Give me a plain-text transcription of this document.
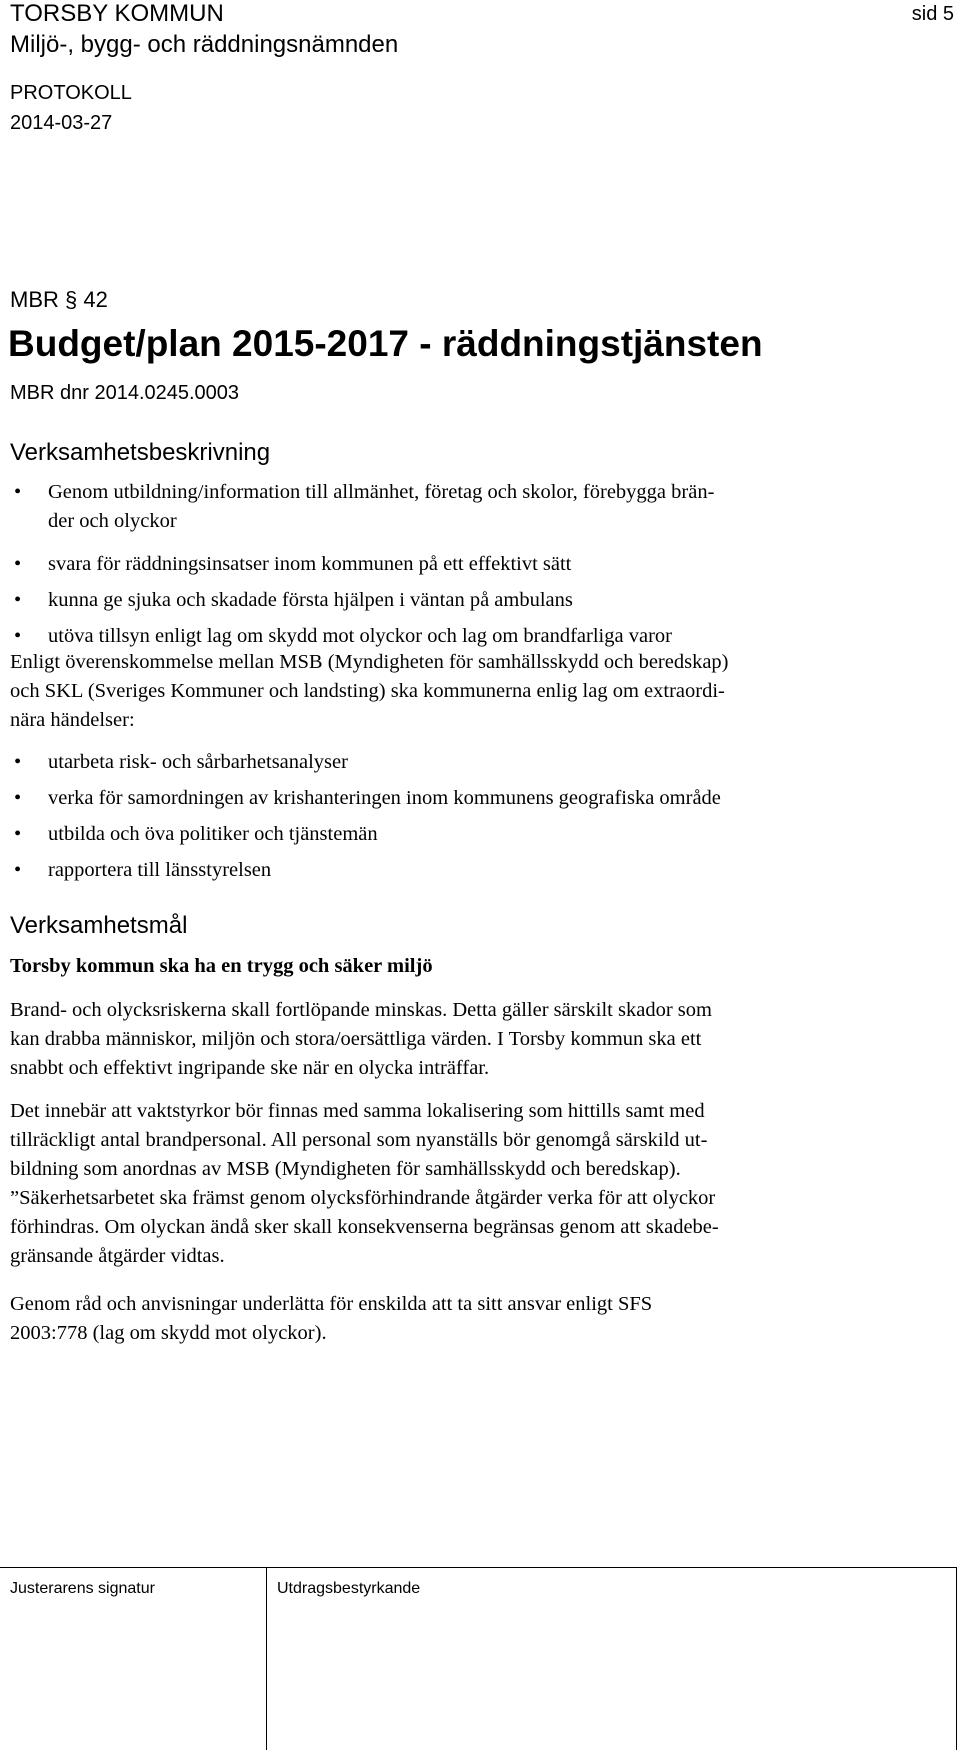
TORSBY KOMMUN	sid 5
Miljö-, bygg- och räddningsnämnden
PROTOKOLL
2014-03-27
MBR § 42
Budget/plan 2015-2017 - räddningstjänsten
MBR dnr 2014.0245.0003
Verksamhetsbeskrivning
• Genom utbildning/information till allmänhet, företag och skolor, förebygga brän-
der och olyckor
• svara för räddningsinsatser inom kommunen på ett effektivt sätt
• kunna ge sjuka och skadade första hjälpen i väntan på ambulans
• utöva tillsyn enligt lag om skydd mot olyckor och lag om brandfarliga varor
Enligt överenskommelse mellan MSB (Myndigheten för samhällsskydd och beredskap)
och SKL (Sveriges Kommuner och landsting) ska kommunerna enlig lag om extraordi-
nära händelser:
• utarbeta risk- och sårbarhetsanalyser
• verka för samordningen av krishanteringen inom kommunens geografiska område
• utbilda och öva politiker och tjänstemän
• rapportera till länsstyrelsen
Verksamhetsmål
Torsby kommun ska ha en trygg och säker miljö
Brand- och olycksriskerna skall fortlöpande minskas. Detta gäller särskilt skador som
kan drabba människor, miljön och stora/oersättliga värden. I Torsby kommun ska ett
snabbt och effektivt ingripande ske när en olycka inträffar.
Det innebär att vaktstyrkor bör finnas med samma lokalisering som hittills samt med
tillräckligt antal brandpersonal. All personal som nyanställs bör genomgå särskild ut-
bildning som anordnas av MSB (Myndigheten för samhällsskydd och beredskap).
”Säkerhetsarbetet ska främst genom olycksförhindrande åtgärder verka för att olyckor
förhindras. Om olyckan ändå sker skall konsekvenserna begränsas genom att skadebe-
gränsande åtgärder vidtas.
Genom råd och anvisningar underlätta för enskilda att ta sitt ansvar enligt SFS
2003:778 (lag om skydd mot olyckor).
Justerarens signatur	Utdragsbestyrkande
